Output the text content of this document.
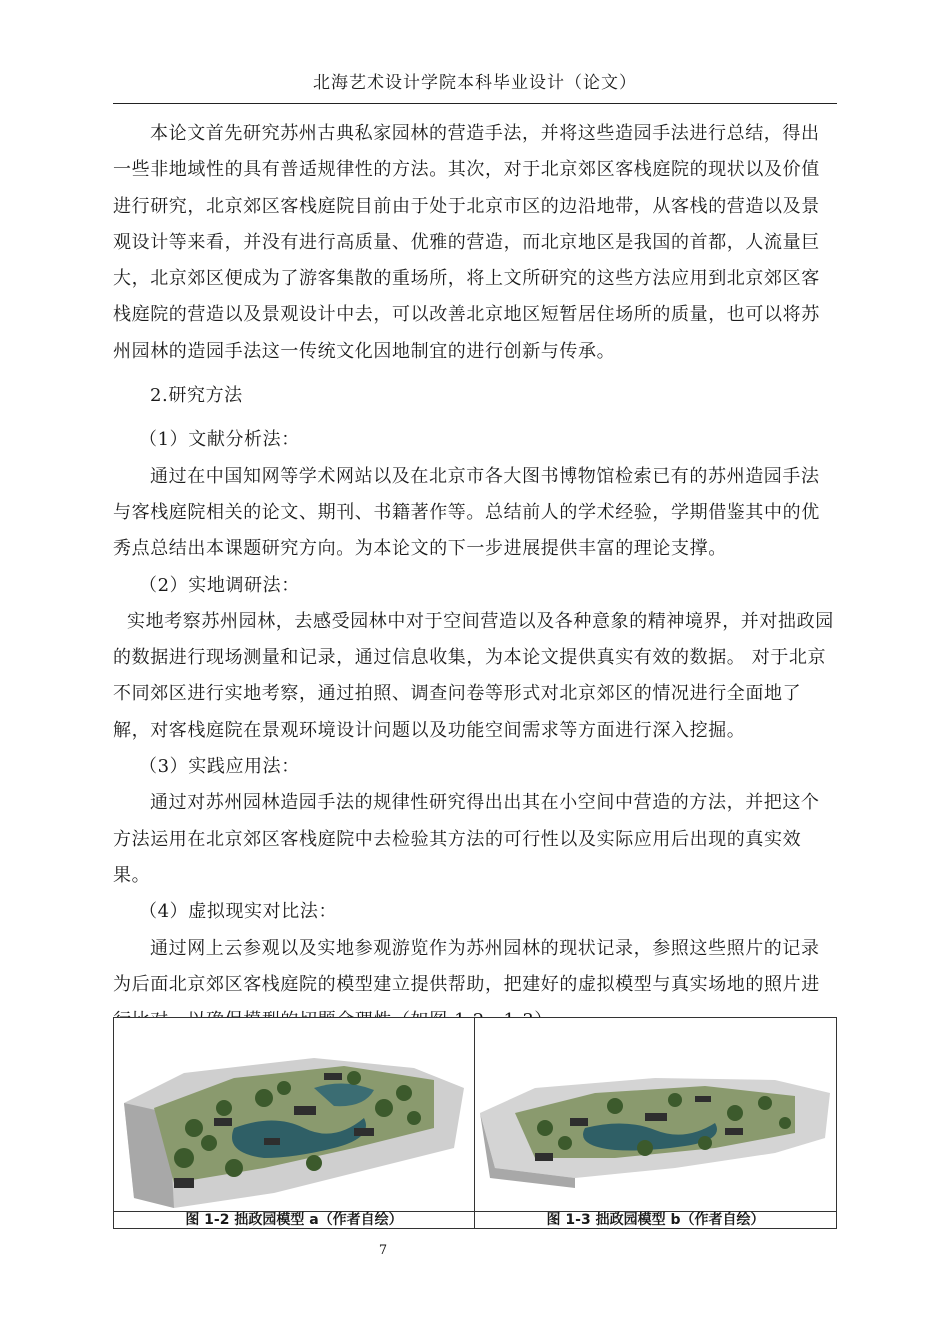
北海艺术设计学院本科毕业设计（论文）

本论文首先研究苏州古典私家园林的营造手法，并将这些造园手法进行总结，得出一些非地域性的具有普适规律性的方法。其次，对于北京郊区客栈庭院的现状以及价值进行研究，北京郊区客栈庭院目前由于处于北京市区的边沿地带，从客栈的营造以及景观设计等来看，并没有进行高质量、优雅的营造，而北京地区是我国的首都，人流量巨大，北京郊区便成为了游客集散的重场所，将上文所研究的这些方法应用到北京郊区客栈庭院的营造以及景观设计中去，可以改善北京地区短暂居住场所的质量，也可以将苏州园林的造园手法这一传统文化因地制宜的进行创新与传承。

2.研究方法

（1）文献分析法：

通过在中国知网等学术网站以及在北京市各大图书博物馆检索已有的苏州造园手法与客栈庭院相关的论文、期刊、书籍著作等。总结前人的学术经验，学期借鉴其中的优秀点总结出本课题研究方向。为本论文的下一步进展提供丰富的理论支撑。

（2）实地调研法：

实地考察苏州园林，去感受园林中对于空间营造以及各种意象的精神境界，并对拙政园的数据进行现场测量和记录，通过信息收集，为本论文提供真实有效的数据。 对于北京不同郊区进行实地考察，通过拍照、调查问卷等形式对北京郊区的情况进行全面地了解，对客栈庭院在景观环境设计问题以及功能空间需求等方面进行深入挖掘。

（3）实践应用法：

通过对苏州园林造园手法的规律性研究得出出其在小空间中营造的方法，并把这个方法运用在北京郊区客栈庭院中去检验其方法的可行性以及实际应用后出现的真实效果。

（4）虚拟现实对比法：

通过网上云参观以及实地参观游览作为苏州园林的现状记录，参照这些照片的记录为后面北京郊区客栈庭院的模型建立提供帮助，把建好的虚拟模型与真实场地的照片进

图 1-2 拙政园模型 a（作者自绘）	图 1-3 拙政园模型 b（作者自绘）
7
